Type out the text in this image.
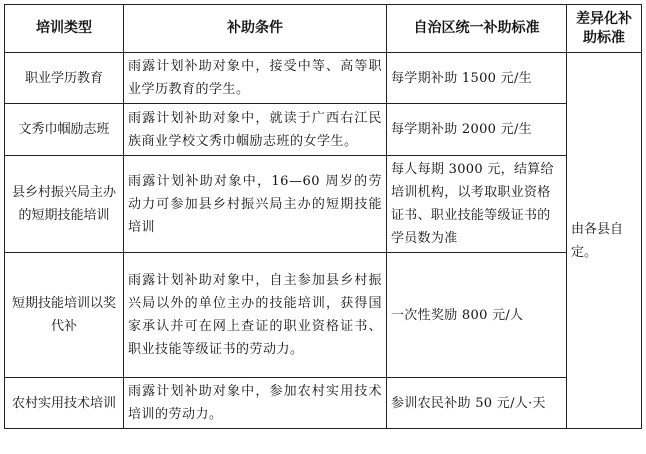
培训类型	补助条件	自治区统一补助标准	差异化补助标准
职业学历教育	雨露计划补助对象中，接受中等、高等职业学历教育的学生。	每学期补助 1500 元/生	由各县自定。
文秀巾帼励志班	雨露计划补助对象中，就读于广西右江民族商业学校文秀巾帼励志班的女学生。	每学期补助 2000 元/生	
县乡村振兴局主办的短期技能培训	雨露计划补助对象中，16—60 周岁的劳动力可参加县乡村振兴局主办的短期技能培训	每人每期 3000 元，结算给培训机构，以考取职业资格证书、职业技能等级证书的学员数为准	
短期技能培训以奖代补	雨露计划补助对象中，自主参加县乡村振兴局以外的单位主办的技能培训，获得国家承认并可在网上查证的职业资格证书、职业技能等级证书的劳动力。	一次性奖励 800 元/人	
农村实用技术培训	雨露计划补助对象中，参加农村实用技术培训的劳动力。	参训农民补助 50 元/人·天	
